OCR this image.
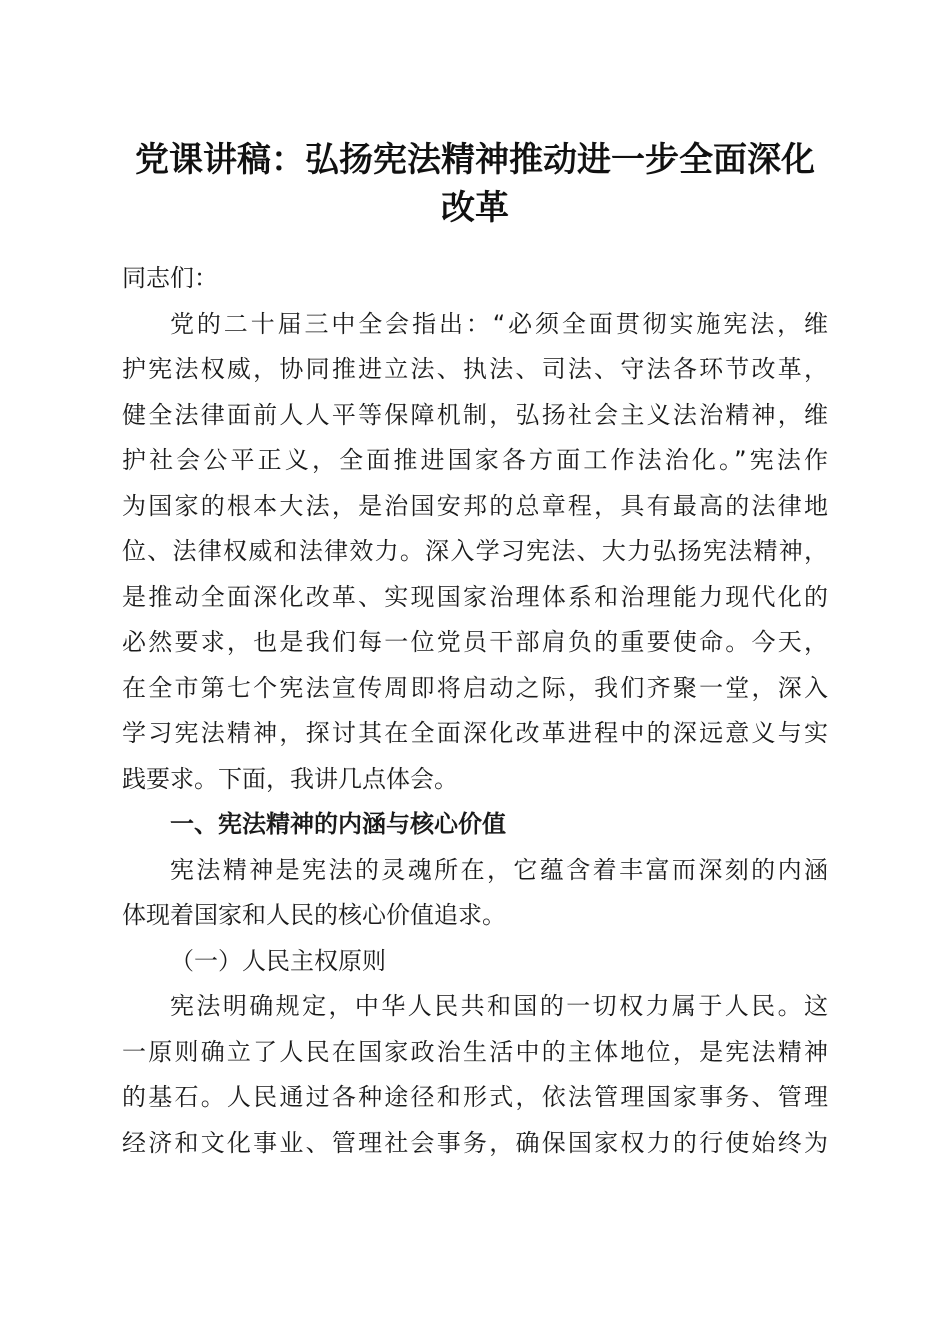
党课讲稿：弘扬宪法精神推动进一步全面深化
改革
同志们：
党的二十届三中全会指出：“必须全面贯彻实施宪法，维
护宪法权威，协同推进立法、执法、司法、守法各环节改革，
健全法律面前人人平等保障机制，弘扬社会主义法治精神，维
护社会公平正义，全面推进国家各方面工作法治化。”宪法作
为国家的根本大法，是治国安邦的总章程，具有最高的法律地
位、法律权威和法律效力。深入学习宪法、大力弘扬宪法精神，
是推动全面深化改革、实现国家治理体系和治理能力现代化的
必然要求，也是我们每一位党员干部肩负的重要使命。今天，
在全市第七个宪法宣传周即将启动之际，我们齐聚一堂，深入
学习宪法精神，探讨其在全面深化改革进程中的深远意义与实
践要求。下面，我讲几点体会。
一、宪法精神的内涵与核心价值
宪法精神是宪法的灵魂所在，它蕴含着丰富而深刻的内涵
体现着国家和人民的核心价值追求。
（一）人民主权原则
宪法明确规定，中华人民共和国的一切权力属于人民。这
一原则确立了人民在国家政治生活中的主体地位，是宪法精神
的基石。人民通过各种途径和形式，依法管理国家事务、管理
经济和文化事业、管理社会事务，确保国家权力的行使始终为
